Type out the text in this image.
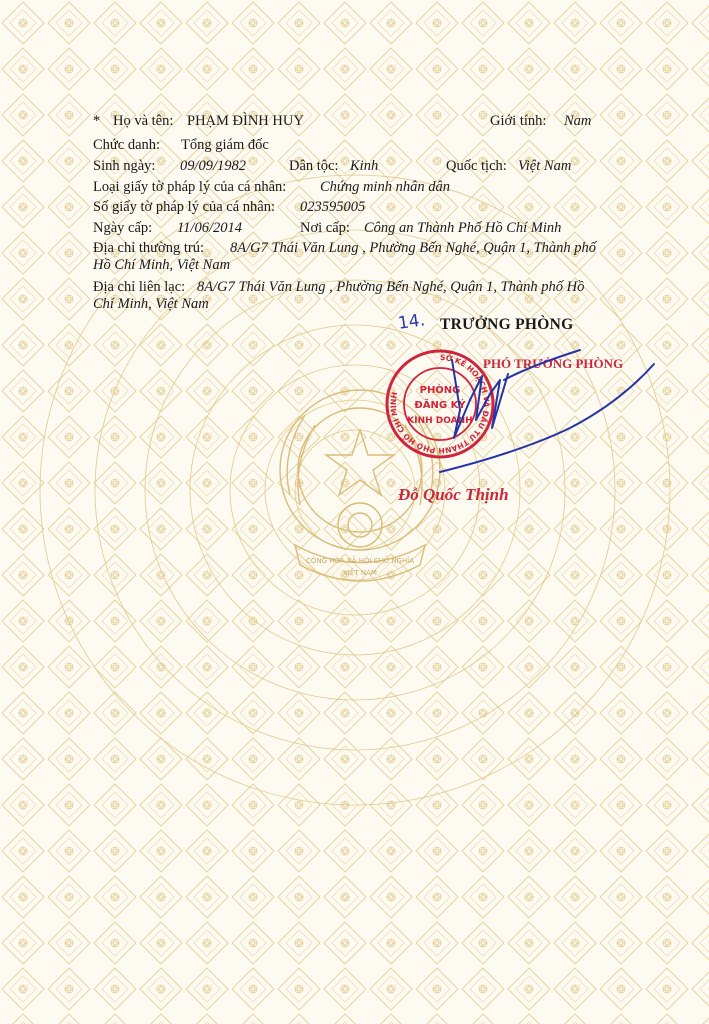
* Họ và tên: PHẠM ĐÌNH HUY	Giới tính: Nam
Chức danh: Tổng giám đốc
Sinh ngày: 09/09/1982	Dân tộc: Kinh	Quốc tịch: Việt Nam
Loại giấy tờ pháp lý của cá nhân: Chứng minh nhân dân
Số giấy tờ pháp lý của cá nhân: 023595005
Ngày cấp: 11/06/2014	Nơi cấp: Công an Thành Phố Hồ Chí Minh
Địa chỉ thường trú: 8A/G7 Thái Văn Lung , Phường Bến Nghé, Quận 1, Thành phố
Hồ Chí Minh, Việt Nam
Địa chỉ liên lạc: 8A/G7 Thái Văn Lung , Phường Bến Nghé, Quận 1, Thành phố Hồ
Chí Minh, Việt Nam
CỘNG HÒA XÃ HỘI CHỦ NGHĨA
VIỆT NAM
14. TRƯỞNG PHÒNG
PHÓ TRƯỞNG PHÒNG
SỞ KẾ HOẠCH VÀ ĐẦU TƯ THÀNH PHỐ HỒ CHÍ MINH	PHÒNG
ĐĂNG KÝ
KINH DOANH
Đỗ Quốc Thịnh
